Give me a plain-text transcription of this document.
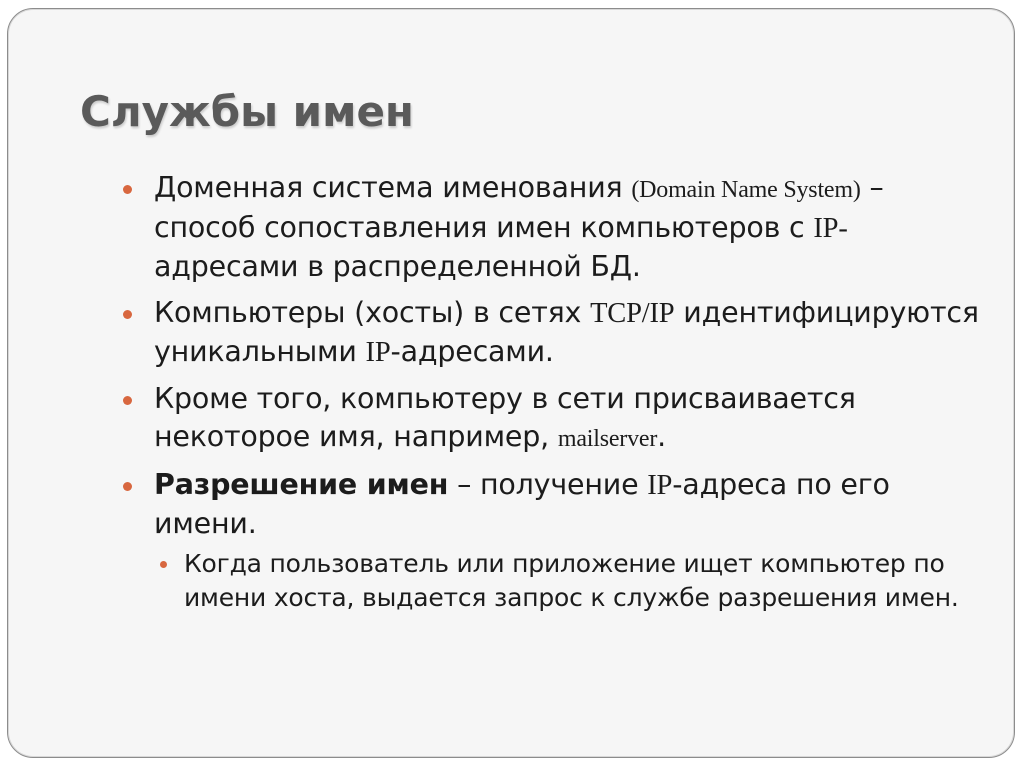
Службы имен
Доменная система именования (Domain Name System) – способ сопоставления имен компьютеров с IP- адресами в распределенной БД.
Компьютеры (хосты) в сетях TCP/IP идентифицируются уникальными IP-адресами.
Кроме того, компьютеру в сети присваивается некоторое имя, например, mailserver.
Разрешение имен – получение IP-адреса по его имени.
Когда пользователь или приложение ищет компьютер по имени хоста, выдается запрос к службе разрешения имен.
